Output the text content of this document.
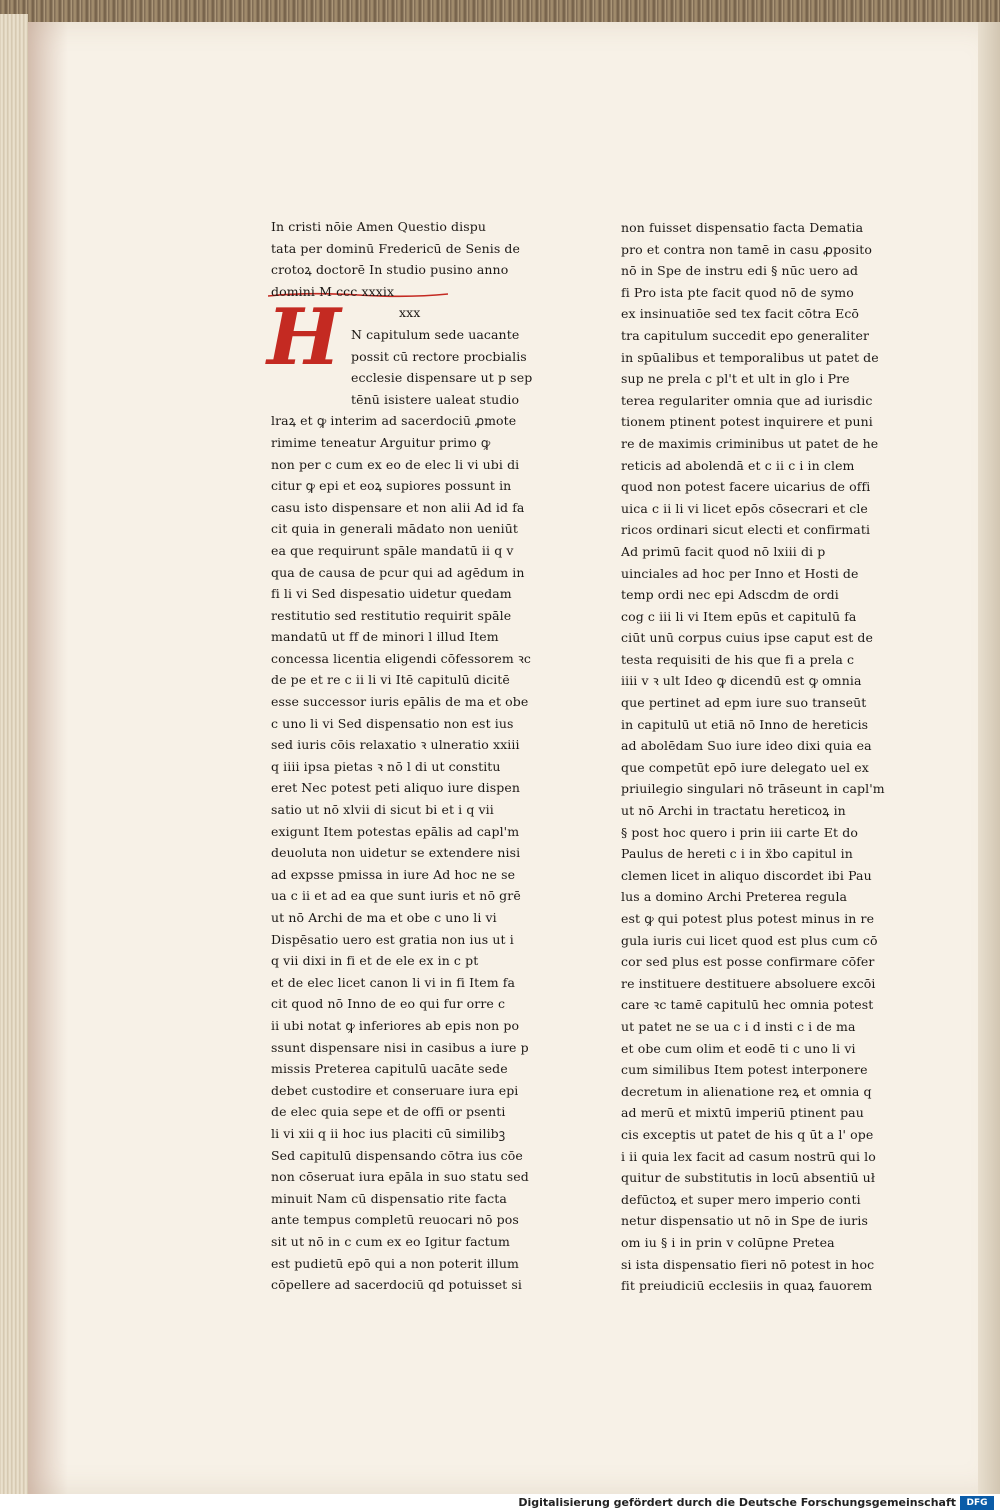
H
In cristi nōie Amen Questio dispu
tata per dominū Fredericū de Senis de
crotoꝝ doctorē In studio pusino anno
domini M ccc xxxix
xxx
N capitulum sede uacante
possit cū rectore procbialis
ecclesie dispensare ut p sep
tēnū isistere ualeat studio
lraꝝ et ꝙ interim ad sacerdociū ꝓmote
rimime teneatur Arguitur primo ꝙ
non per c cum ex eo de elec li vi ubi di
citur ꝙ epi et eoꝝ supiores possunt in
casu isto dispensare et non alii Ad id fa
cit quia in generali mādato non ueniūt
ea que requirunt spāle mandatū ii q v
qua de causa de pcur qui ad agēdum in
fi li vi Sed dispesatio uidetur quedam
restitutio sed restitutio requirit spāle
mandatū ut ff de minori l illud Item
concessa licentia eligendi cōfessorem ꝛc
de pe et re c ii li vi Itē capitulū dicitē
esse successor iuris epālis de ma et obe
c uno li vi Sed dispensatio non est ius
sed iuris cōis relaxatio ꝛ ulneratio xxiii
q iiii ipsa pietas ꝛ nō l di ut constitu
eret Nec potest peti aliquo iure dispen
satio ut nō xlvii di sicut bi et i q vii
exigunt Item potestas epālis ad capl'm
deuoluta non uidetur se extendere nisi
ad expsse pmissa in iure Ad hoc ne se
ua c ii et ad ea que sunt iuris et nō grē
ut nō Archi de ma et obe c uno li vi
Dispēsatio uero est gratia non ius ut i
q vii dixi in fi et de ele ex in c pt
et de elec licet canon li vi in fi Item fa
cit quod nō Inno de eo qui fur orre c
ii ubi notat ꝙ inferiores ab epis non po
ssunt dispensare nisi in casibus a iure p
missis Preterea capitulū uacāte sede
debet custodire et conseruare iura epi
de elec quia sepe et de offi or psenti
li vi xii q ii hoc ius placiti cū similibꝫ
Sed capitulū dispensando cōtra ius cōe
non cōseruat iura epāla in suo statu sed
minuit Nam cū dispensatio rite facta
ante tempus completū reuocari nō pos
sit ut nō in c cum ex eo Igitur factum
est pudietū epō qui a non poterit illum
cōpellere ad sacerdociū qd potuisset si
non fuisset dispensatio facta Dematia
pro et contra non tamē in casu ꝓposito
nō in Spe de instru edi § nūc uero ad
fi Pro ista pte facit quod nō de symo
ex insinuatiōe sed tex facit cōtra Ecō
tra capitulum succedit epo generaliter
in spūalibus et temporalibus ut patet de
sup ne prela c pl't et ult in glo i Pre
terea regulariter omnia que ad iurisdic
tionem ptinent potest inquirere et puni
re de maximis criminibus ut patet de he
reticis ad abolendā et c ii c i in clem
quod non potest facere uicarius de offi
uica c ii li vi licet epōs cōsecrari et cle
ricos ordinari sicut electi et confirmati
Ad primū facit quod nō lxiii di p
uinciales ad hoc per Inno et Hosti de
temp ordi nec epi Adscdm de ordi
cog c iii li vi Item epūs et capitulū fa
ciūt unū corpus cuius ipse caput est de
testa requisiti de his que fi a prela c
iiii v ꝛ ult Ideo ꝙ dicendū est ꝙ omnia
que pertinet ad epm iure suo transeūt
in capitulū ut etiā nō Inno de hereticis
ad abolēdam Suo iure ideo dixi quia ea
que competūt epō iure delegato uel ex
priuilegio singulari nō trāseunt in capl'm
ut nō Archi in tractatu hereticoꝝ in
§ post hoc quero i prin iii carte Et do
Paulus de hereti c i in ẍbo capitul in
clemen licet in aliquo discordet ibi Pau
lus a domino Archi Preterea regula
est ꝙ qui potest plus potest minus in re
gula iuris cui licet quod est plus cum cō
cor sed plus est posse confirmare cōfer
re instituere destituere absoluere excōi
care ꝛc tamē capitulū hec omnia potest
ut patet ne se ua c i d insti c i de ma
et obe cum olim et eodē ti c uno li vi
cum similibus Item potest interponere
decretum in alienatione reꝝ et omnia q
ad merū et mixtū imperiū ptinent pau
cis exceptis ut patet de his q ūt a l' ope
i ii quia lex facit ad casum nostrū qui lo
quitur de substitutis in locū absentiū uł
defūctoꝝ et super mero imperio conti
netur dispensatio ut nō in Spe de iuris
om iu § i in prin v colūpne Pretea
si ista dispensatio fieri nō potest in hoc
fit preiudiciū ecclesiis in quaꝝ fauorem
Digitalisierung gefördert durch die Deutsche Forschungsgemeinschaft	DFG
